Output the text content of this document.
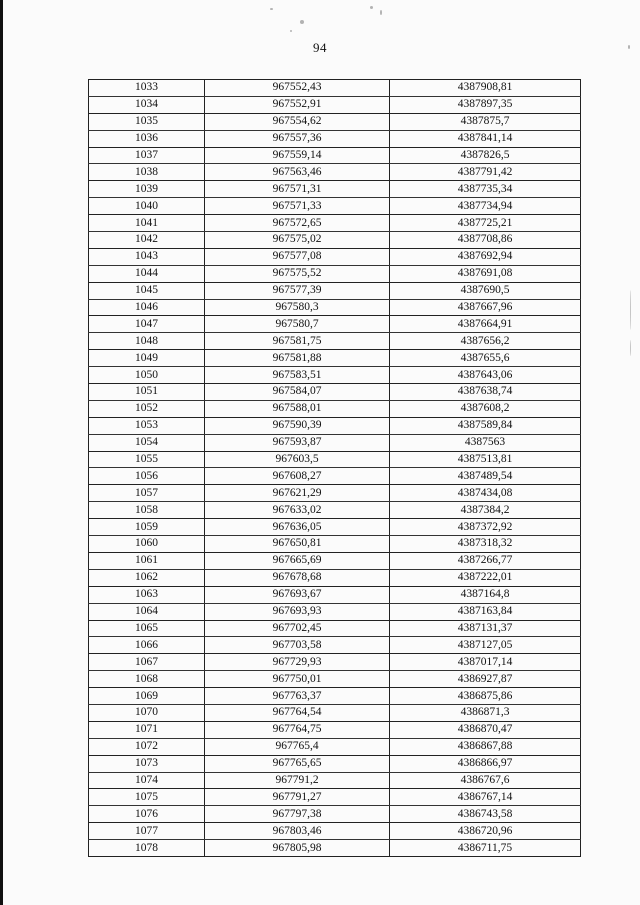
94
1033	967552,43	4387908,81
1034	967552,91	4387897,35
1035	967554,62	4387875,7
1036	967557,36	4387841,14
1037	967559,14	4387826,5
1038	967563,46	4387791,42
1039	967571,31	4387735,34
1040	967571,33	4387734,94
1041	967572,65	4387725,21
1042	967575,02	4387708,86
1043	967577,08	4387692,94
1044	967575,52	4387691,08
1045	967577,39	4387690,5
1046	967580,3	4387667,96
1047	967580,7	4387664,91
1048	967581,75	4387656,2
1049	967581,88	4387655,6
1050	967583,51	4387643,06
1051	967584,07	4387638,74
1052	967588,01	4387608,2
1053	967590,39	4387589,84
1054	967593,87	4387563
1055	967603,5	4387513,81
1056	967608,27	4387489,54
1057	967621,29	4387434,08
1058	967633,02	4387384,2
1059	967636,05	4387372,92
1060	967650,81	4387318,32
1061	967665,69	4387266,77
1062	967678,68	4387222,01
1063	967693,67	4387164,8
1064	967693,93	4387163,84
1065	967702,45	4387131,37
1066	967703,58	4387127,05
1067	967729,93	4387017,14
1068	967750,01	4386927,87
1069	967763,37	4386875,86
1070	967764,54	4386871,3
1071	967764,75	4386870,47
1072	967765,4	4386867,88
1073	967765,65	4386866,97
1074	967791,2	4386767,6
1075	967791,27	4386767,14
1076	967797,38	4386743,58
1077	967803,46	4386720,96
1078	967805,98	4386711,75
